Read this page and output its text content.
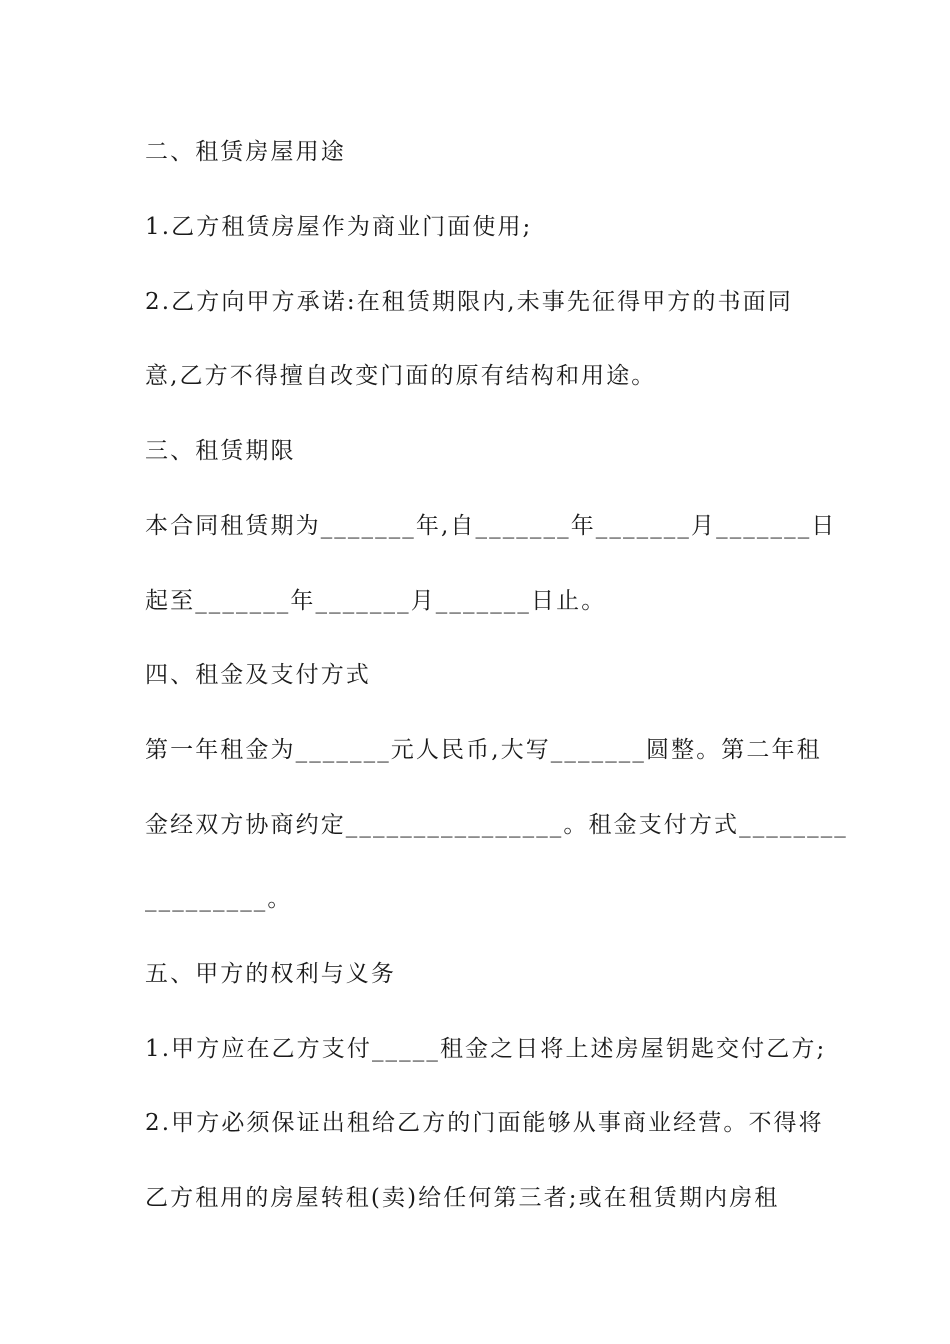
二、租赁房屋用途
1.乙方租赁房屋作为商业门面使用;
2.乙方向甲方承诺:在租赁期限内,未事先征得甲方的书面同
意,乙方不得擅自改变门面的原有结构和用途。
三、租赁期限
本合同租赁期为_______年,自_______年_______月_______日
起至_______年_______月_______日止。
四、租金及支付方式
第一年租金为_______元人民币,大写_______圆整。第二年租
金经双方协商约定________________。租金支付方式________
_________。
五、甲方的权利与义务
1.甲方应在乙方支付_____租金之日将上述房屋钥匙交付乙方;
2.甲方必须保证出租给乙方的门面能够从事商业经营。不得将
乙方租用的房屋转租(卖)给任何第三者;或在租赁期内房租
